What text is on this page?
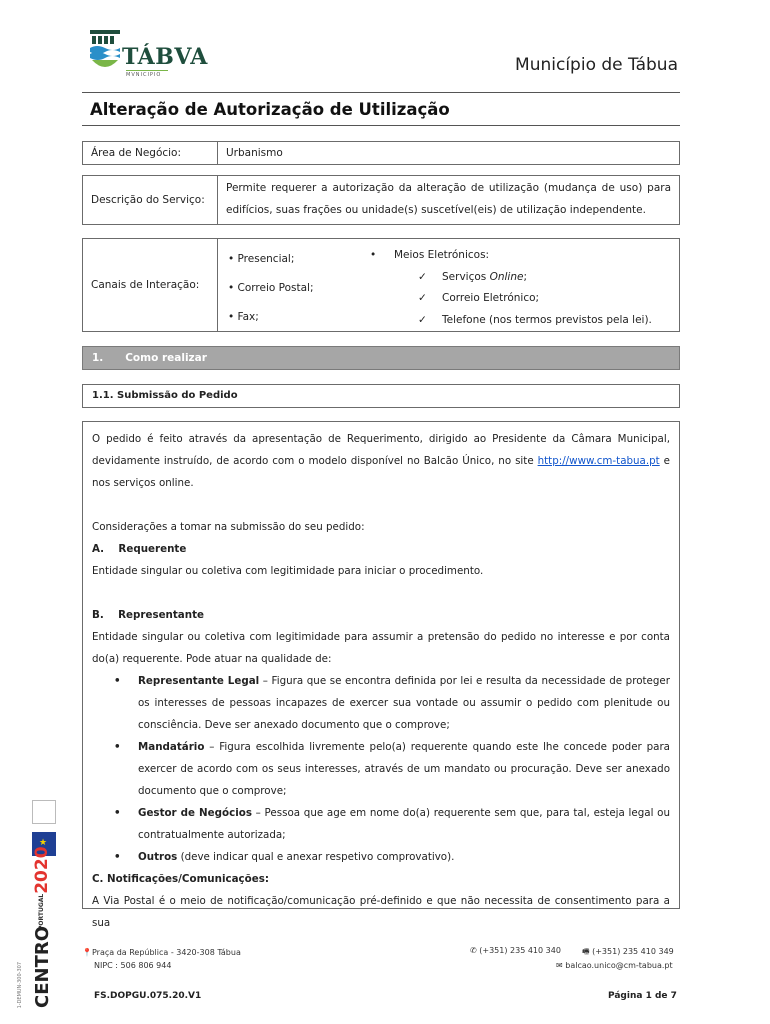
TÁBVA
MVNICIPIO	Município de Tábua
Alteração de Autorização de Utilização
Área de Negócio:	Urbanismo
Descrição do Serviço:
Permite requerer a autorização da alteração de utilização (mudança de uso) para edifícios, suas frações ou unidade(s) suscetível(eis) de utilização independente.
Canais de Interação:
• Presencial;
• Correio Postal;
• Fax;
• Meios Eletrónicos:
✓ Serviços Online;
✓ Correio Eletrónico;
✓ Telefone (nos termos previstos pela lei).
1.      Como realizar
1.1. Submissão do Pedido

O pedido é feito através da apresentação de Requerimento, dirigido ao Presidente da Câmara Municipal, devidamente instruído, de acordo com o modelo disponível no Balcão Único, no site http://www.cm-tabua.pt e nos serviços online.

Considerações a tomar na submissão do seu pedido:

A.    Requerente

Entidade singular ou coletiva com legitimidade para iniciar o procedimento.

B.    Representante

Entidade singular ou coletiva com legitimidade para assumir a pretensão do pedido no interesse e por conta do(a) requerente. Pode atuar na qualidade de:

• Representante Legal – Figura que se encontra definida por lei e resulta da necessidade de proteger os interesses de pessoas incapazes de exercer sua vontade ou assumir o pedido com plenitude ou consciência. Deve ser anexado documento que o comprove;
• Mandatário – Figura escolhida livremente pelo(a) requerente quando este lhe concede poder para exercer de acordo com os seus interesses, através de um mandato ou procuração. Deve ser anexado documento que o comprove;
• Gestor de Negócios – Pessoa que age em nome do(a) requerente sem que, para tal, esteja legal ou contratualmente autorizada;
• Outros (deve indicar qual e anexar respetivo comprovativo).

C. Notificações/Comunicações:

A Via Postal é o meio de notificação/comunicação pré-definido e que não necessita de consentimento para a sua

★
PORTUGAL2020
CENTRO
1-DEMUN-300-307
📍Praça da República - 3420-308 Tábua
NIPC : 506 806 944
✆ (+351) 235 410 340	🖷 (+351) 235 410 349
✉ balcao.unico@cm-tabua.pt
FS.DOPGU.075.20.V1	Página 1 de 7
